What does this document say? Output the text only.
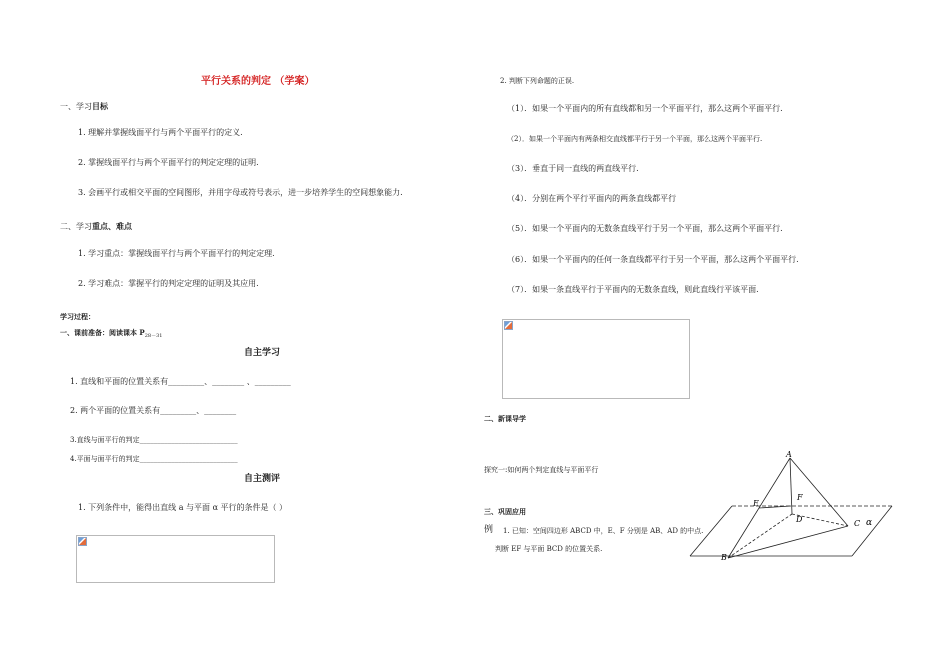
平行关系的判定 （学案）
一、学习目标
1. 理解并掌握线面平行与两个平面平行的定义.
2. 掌握线面平行与两个平面平行的判定定理的证明.
3. 会画平行或相交平面的空间图形，并用字母或符号表示，进一步培养学生的空间想象能力.
二、学习重点、难点
1. 学习重点：掌握线面平行与两个平面平行的判定定理.
2. 学习难点：掌握平行的判定定理的证明及其应用.
学习过程：
一、课前准备：阅读课本 $P_{28-31}$
自主学习
1. 直线和平面的位置关系有_________、________ 、_________
2. 两个平面的位置关系有_________、________
3.直线与面平行的判定____________________________
4.平面与面平行的判定____________________________
自主测评
1. 下列条件中，能得出直线 a 与平面 α 平行的条件是（ ）
2. 判断下列命题的正误.
（1）．如果一个平面内的所有直线都和另一个平面平行，那么这两个平面平行.
（2）．如果一个平面内有两条相交直线都平行于另一个平面，那么这两个平面平行.
（3）．垂直于同一直线的两直线平行.
（4）．分别在两个平行平面内的两条直线都平行
（5）．如果一个平面内的无数条直线平行于另一个平面，那么这两个平面平行.
（6）．如果一个平面内的任何一条直线都平行于另一个平面，那么这两个平面平行.
（7）．如果一条直线平行于平面内的无数条直线，则此直线行平该平面.
二、新课导学
探究一:如何两个判定直线与平面平行
三、巩固应用
例 1. 已知：空间四边形 ABCD 中，E、F 分别是 AB、AD 的中点.
判断 EF 与平面 BCD 的位置关系.
A
B
C
D
E
F
α
